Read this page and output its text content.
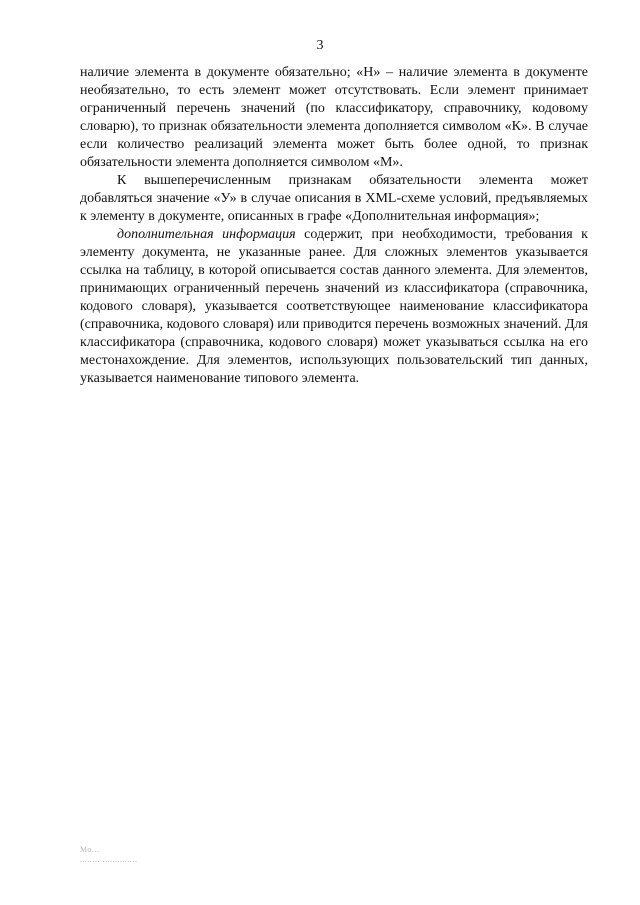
3

наличие элемента в документе обязательно; «Н» – наличие элемента в документе необязательно, то есть элемент может отсутствовать. Если элемент принимает ограниченный перечень значений (по классификатору, справочнику, кодовому словарю), то признак обязательности элемента дополняется символом «К». В случае если количество реализаций элемента может быть более одной, то признак обязательности элемента дополняется символом «М».

К вышеперечисленным признакам обязательности элемента может добавляться значение «У» в случае описания в XML-схеме условий, предъявляемых к элементу в документе, описанных в графе «Дополнительная информация»;

дополнительная информация содержит, при необходимости, требования к элементу документа, не указанные ранее. Для сложных элементов указывается ссылка на таблицу, в которой описывается состав данного элемента. Для элементов, принимающих ограниченный перечень значений из классификатора (справочника, кодового словаря), указывается соответствующее наименование классификатора (справочника, кодового словаря) или приводится перечень возможных значений. Для классификатора (справочника, кодового словаря) может указываться ссылка на его местонахождение. Для элементов, использующих пользовательский тип данных, указывается наименование типового элемента.

Мо...
........ ..............
